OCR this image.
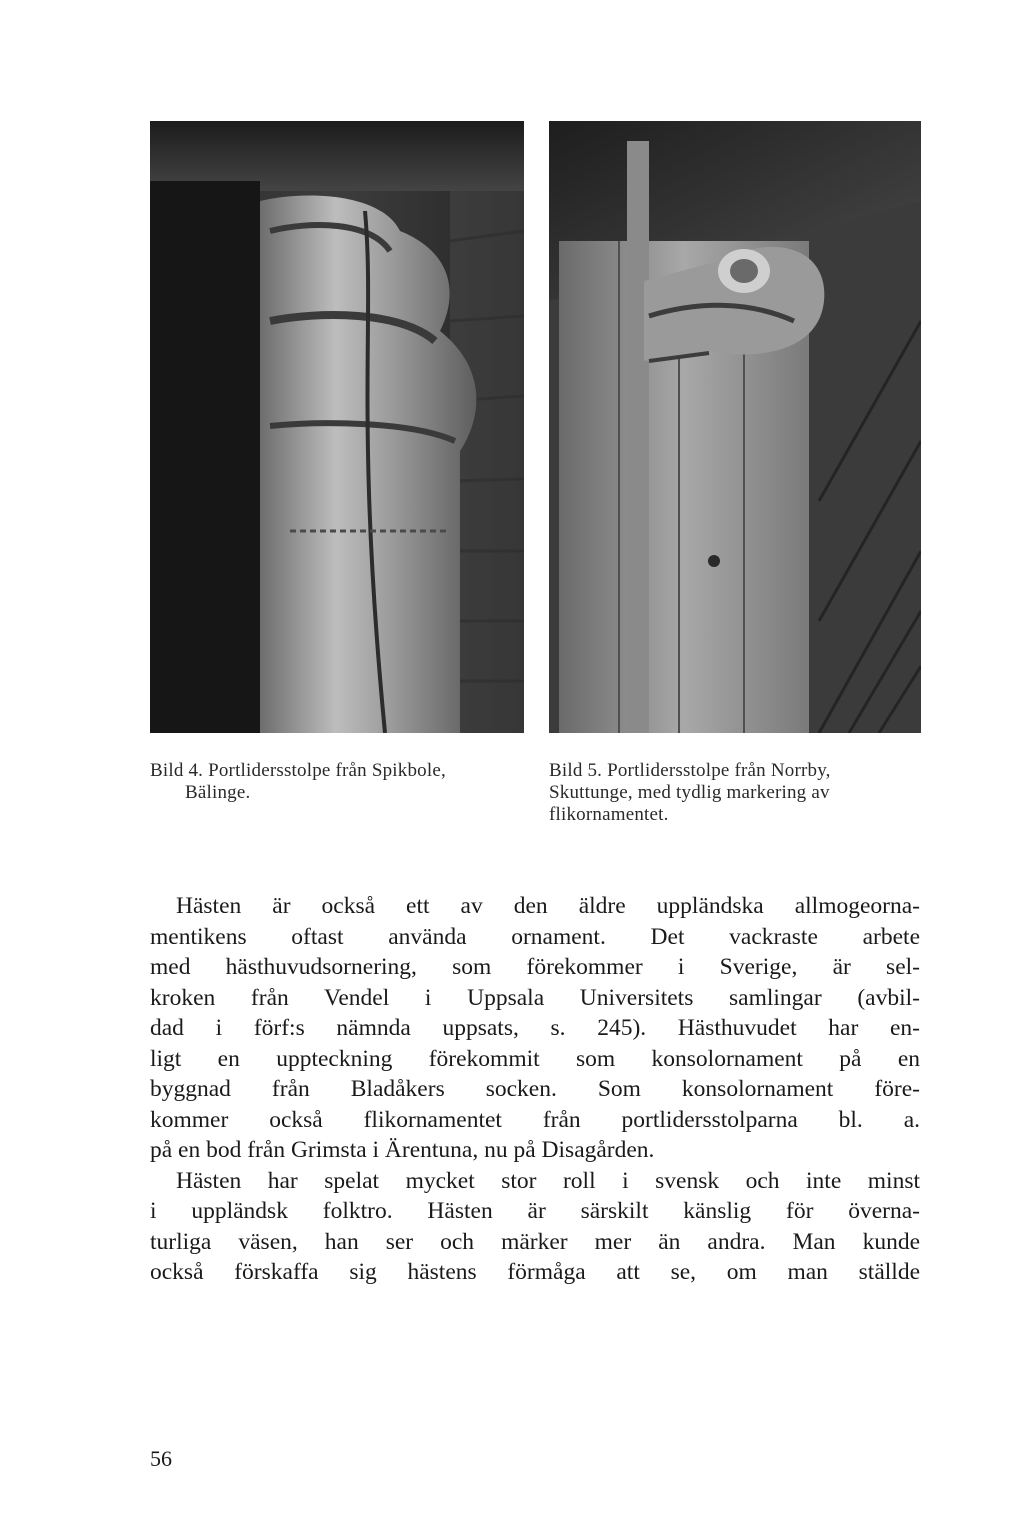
Bild 4. Portlidersstolpe från Spikbole,
Bälinge.
Bild 5. Portlidersstolpe från Norrby,
Skuttunge, med tydlig markering av
flikornamentet.
Hästen är också ett av den äldre uppländska allmogeorna-
mentikens oftast använda ornament. Det vackraste arbete
med hästhuvudsornering, som förekommer i Sverige, är sel-
kroken från Vendel i Uppsala Universitets samlingar (avbil-
dad i förf:s nämnda uppsats, s. 245). Hästhuvudet har en-
ligt en uppteckning förekommit som konsolornament på en
byggnad från Bladåkers socken. Som konsolornament före-
kommer också flikornamentet från portlidersstolparna bl. a.
på en bod från Grimsta i Ärentuna, nu på Disagården.
Hästen har spelat mycket stor roll i svensk och inte minst
i uppländsk folktro. Hästen är särskilt känslig för överna-
turliga väsen, han ser och märker mer än andra. Man kunde
också förskaffa sig hästens förmåga att se, om man ställde
56
